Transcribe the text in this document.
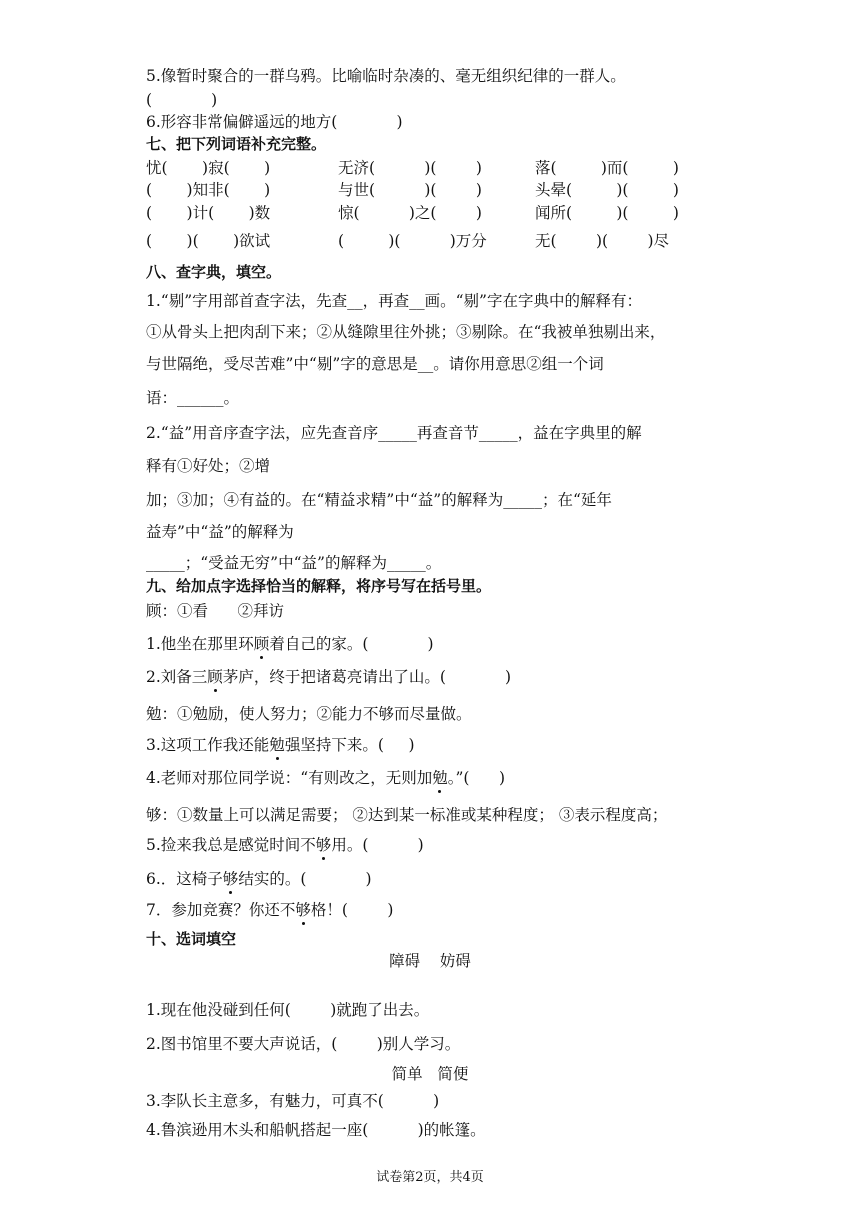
5.像暂时聚合的一群乌鸦。比喻临时杂凑的、毫无组织纪律的一群人。
(            )
6.形容非常偏僻遥远的地方(            )
七、把下列词语补充完整。
忧(       )寂(       )	无济(          )(        )	落(         )而(         )
(       )知非(       )	与世(          )(        )	头晕(         )(         )
(       )计(       )数	惊(          )之(        )	闻所(         )(         )
(       )(       )欲试	(         )(          )万分	无(        )(        )尽
八、查字典，填空。
1.“剔”字用部首查字法，先查__，再查__画。“剔”字在字典中的解释有：
①从骨头上把肉刮下来；②从缝隙里往外挑；③剔除。在“我被单独剔出来，
与世隔绝，受尽苦难”中“剔”字的意思是__。请你用意思②组一个词
语：______。
2.“益”用音序查字法，应先查音序_____再查音节_____，益在字典里的解
释有①好处；②增
加；③加；④有益的。在“精益求精”中“益”的解释为_____；在“延年
益寿”中“益”的解释为
_____；“受益无穷”中“益”的解释为_____。
九、给加点字选择恰当的解释，将序号写在括号里。
顾：①看      ②拜访
1.他坐在那里环顾着自己的家。(            )
2.刘备三顾茅庐，终于把诸葛亮请出了山。(            )
勉：①勉励，使人努力；②能力不够而尽量做。
3.这项工作我还能勉强坚持下来。(     )
4.老师对那位同学说：“有则改之，无则加勉。”(      )
够：①数量上可以满足需要； ②达到某一标准或某种程度； ③表示程度高；
5.捡来我总是感觉时间不够用。(          )
6.．这椅子够结实的。(            )
7．参加竞赛？你还不够格！(        )
十、选词填空
障碍    妨碍
1.现在他没碰到任何(        )就跑了出去。
2.图书馆里不要大声说话，(        )别人学习。
简单   简便
3.李队长主意多，有魅力，可真不(          )
4.鲁滨逊用木头和船帆搭起一座(          )的帐篷。
试卷第2页，共4页
